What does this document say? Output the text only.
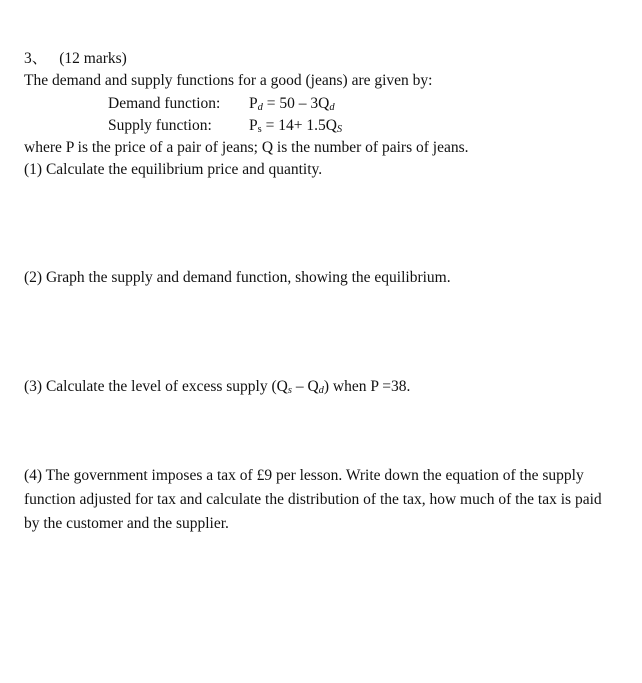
3、 (12 marks)
The demand and supply functions for a good (jeans) are given by:
Demand function: Pd = 50 – 3Qd
Supply function: Ps = 14+ 1.5QS
where P is the price of a pair of jeans; Q is the number of pairs of jeans.
(1) Calculate the equilibrium price and quantity.
(2) Graph the supply and demand function, showing the equilibrium.
(3) Calculate the level of excess supply (Qs – Qd) when P =38.
(4) The government imposes a tax of £9 per lesson. Write down the equation of the supply function adjusted for tax and calculate the distribution of the tax, how much of the tax is paid by the customer and the supplier.
